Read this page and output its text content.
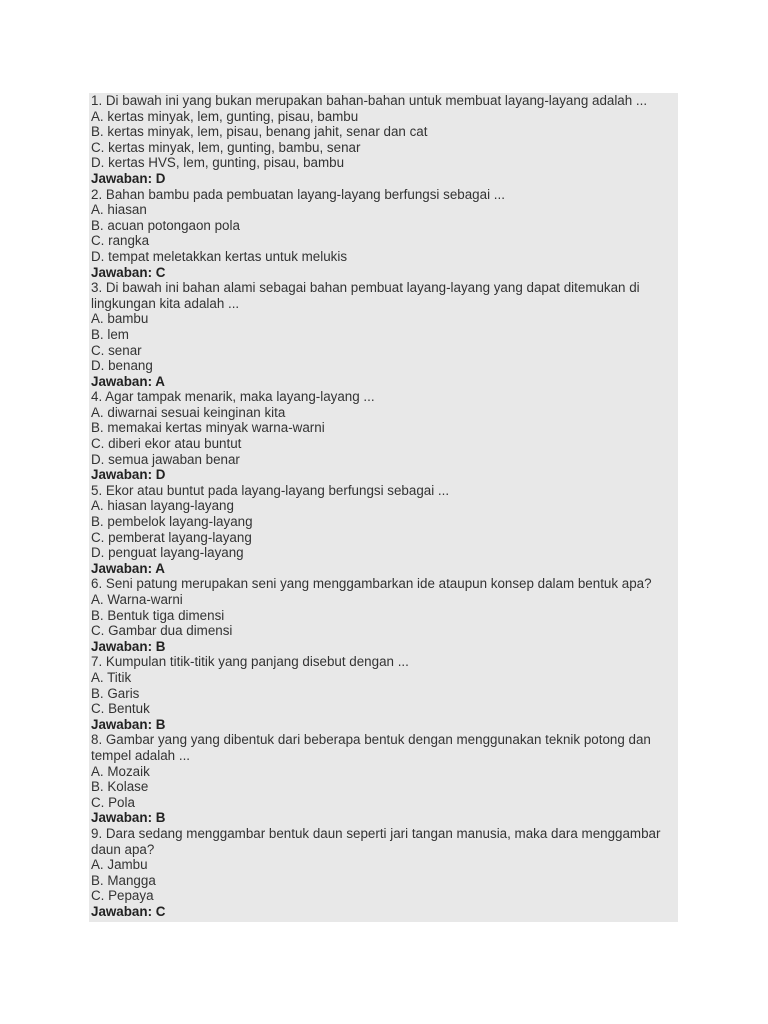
1. Di bawah ini yang bukan merupakan bahan-bahan untuk membuat layang-layang adalah ...
A. kertas minyak, lem, gunting, pisau, bambu
B. kertas minyak, lem, pisau, benang jahit, senar dan cat
C. kertas minyak, lem, gunting, bambu, senar
D. kertas HVS, lem, gunting, pisau, bambu
Jawaban: D
2. Bahan bambu pada pembuatan layang-layang berfungsi sebagai ...
A. hiasan
B. acuan potongaon pola
C. rangka
D. tempat meletakkan kertas untuk melukis
Jawaban: C
3. Di bawah ini bahan alami sebagai bahan pembuat layang-layang yang dapat ditemukan di lingkungan kita adalah ...
A. bambu
B. lem
C. senar
D. benang
Jawaban: A
4. Agar tampak menarik, maka layang-layang ...
A. diwarnai sesuai keinginan kita
B. memakai kertas minyak warna-warni
C. diberi ekor atau buntut
D. semua jawaban benar
Jawaban: D
5. Ekor atau buntut pada layang-layang berfungsi sebagai ...
A. hiasan layang-layang
B. pembelok layang-layang
C. pemberat layang-layang
D. penguat layang-layang
Jawaban: A
6. Seni patung merupakan seni yang menggambarkan ide ataupun konsep dalam bentuk apa?
A. Warna-warni
B. Bentuk tiga dimensi
C. Gambar dua dimensi
Jawaban: B
7. Kumpulan titik-titik yang panjang disebut dengan ...
A. Titik
B. Garis
C. Bentuk
Jawaban: B
8. Gambar yang yang dibentuk dari beberapa bentuk dengan menggunakan teknik potong dan tempel adalah ...
A. Mozaik
B. Kolase
C. Pola
Jawaban: B
9. Dara sedang menggambar bentuk daun seperti jari tangan manusia, maka dara menggambar daun apa?
A. Jambu
B. Mangga
C. Pepaya
Jawaban: C
